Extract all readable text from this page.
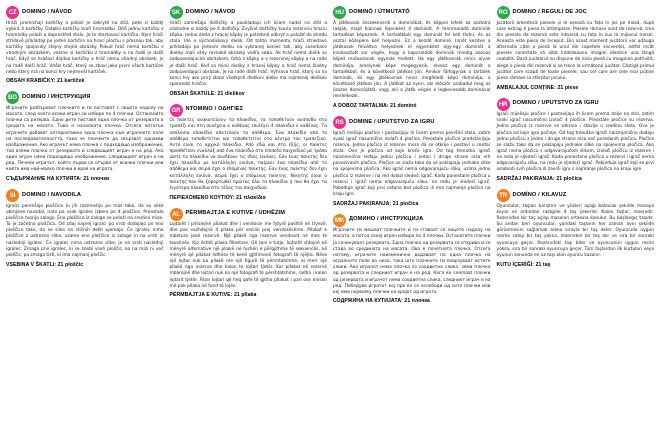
CZ DOMINO / NÁVOD
Hráči promíchají kartičky a pokolí je zakryté na stůl, pote si každý vybírá 4 kartičky. Ostatní kartičky tvoří hromádku. Dítě jednu kartičku z hromádky položí a doprostřed stolu. Je to startovací kartička. Nyní hráči střídavě přikládají po jedné kartičce na hrací plochu s přesnou tak, aby kartičky spojovaly stejný stejné obrázky. Pokud hráč nemá kartičku s vhodným obrázkem, vezme si kartičku z hromádky a na řadě je další hráč. Když se hráčovi dojdou kartičky a hráč nemu vhodný obrázek, je na řadě další hráč. Vítězí hráč, který se zbaví jako první všech kartiček nebo který má na konci hry nejmenší kartiček.
OBSAH KRABIČKY: 21 kartiček
BG DOMINO / ИНСТРУКЦИЯ
Играчите разбъркват плочките и ги поставят с лицето надолу на масата, след което всеки играч си избира по 4 плочки. Останалите плочки са резерва. Едно дете поставя една плочка от резервата в средата на масата. Това е началната плочка. Отсега нататък играчите добавят алтернативно една плочка към игралното поле на последователността, така че плочките да свързват еднакви изображения. Ако играчът няма плочка с подходящо изображение, той взема плочка от резервата и следващият играч е на ред. Ако един играч няма подходящо изображение, следващият играч е на ред. Печели играчът, който първи се отърве от всички плочки или който има най-малко плочки в края на играта.
СЪДЪРЖАНИЕ НА КУТИЯТА: 21 плочки
SI	DOMINO / NAVODILA
Igralci pomešajo ploščice in jih razmestijo po mizi tako, da so slike obrnjene navzdol, nato pa vsak igralec izbere po 4 ploščice. Preostale ploščice tvorijo zalogo. Eno ploščico iz zaloge se položi na sredino mize. To je začetna ploščica. Od zdaj naprej igralci po vrsti dodajajo po eno ploščico tako, da se slike na stičnih delih ujemajo. Če igralec nima ploščice z ustrezno sliko, vzame eno ploščico iz zaloge in na vrsti je naslednji igralec. Če igralec nima ustrezne slike, je na vrsti naslednji igralec. Zmaga prvi igralec, ki se znebi vseh ploščic, ko na mizi ni več ploščic, pa zmaga tisti, ki ima najmanj ploščic.
VSEBINA V ŠKATLI: 21 ploščic
SK DOMINO / NÁVOD
Hráči zamiešajú doštičky a poukladajú ich lícom nadol na stôl a následne si každý po 4 doštičky. Zvyšné doštičky tvoria rezervnú hraciu kôpku. Jedno dieťa z hracej kôpky je potrebné odkryť a položiť do stredu stola. Ide o východiskový dielik. Od tohto momentu hráči striedavo prikladajú po jednom dielku na vybranej koniec tak, aby susediace dieliky mali vždy rovnaké obrázky vedľa seba. Ak hráč nemá dielik so zodpovedajúcim obrázkom, ťahá z kôpky a v rezervnej kôpky a na rade je ďalší hráč. Keď sa minú dieliky z hracej kôpky a hráč nemá žiadny zodpovedajúci obrázok, je na rade ďalší hráč. Výhrava hráč, ktorý sa na konci hry ako prvý zbaví všetkých dielikov alebo má najmenej dielikov spomedzi hráčov.
OBSAH ŠKATULE: 21 dielikov
GR ΝΤΟΜΙΝΟ / ΟΔΗΓΙΕΣ
Οι παίκτες ανακατεύουν τα πλακίδια, τα τοποθετούν ανάποδα στο τραπέζι και στη συνέχεια ο καθένας επιλέγει 4 πλακίδια ο καθένας. Τα υπόλοιπα πλακίδια αποτελούν τα απόθεμα. Ένα πλακίδιο από το απόθεμα τοποθετείται και τοποθετείται στο κέντρο του τραπεζιού. Αυτό είναι το αρχικό πλακίδιο. Από εδώ και στο εξής, οι παίκτες προσθέτουν εναλλάξ από ένα πλακίδιο στο επίπεδο παιχνιδιού με τρόπο ώστε τα πλακίδια να συνδέουν τις ίδιες εικόνες. Εάν ένας παίκτης δεν έχει πλακίδιο με κατάλληλη εικόνα, παίρνει ένα πλακίδιο από το απόθεμα και σειρά έχει ο επόμενος παίκτης. Εάν ένας παίκτης δεν έχει κατάλληλη εικόνα, σειρά έχει ο επόμενος παίκτης. Νικητής είναι ο παίκτης που θα ξεφορτωθεί πρώτος όλα τα πλακίδια ή που θα έχει τα λιγότερα πλακίδια στο τέλος του παιχνιδιού.
ΠΕΡΙΕΧΟΜΕΝΟ ΚΟΥΤΙΟΥ: 21 πλακίδια
AL PËRMBAJTJA E KUTIVE / UDHËZIM
Lojtarët i përziejnë pllakat dhe i vendosin me fytyrë poshtë në tryezë, dhe pas vazhdojnë 4 pllaka për secilin prej vendosëshme. Pllakat e mbetura janë rezervë. Një pllakë nga rezerva vendoset në mes të tavolinës. Kjo është pllaka fillestare. Që tani e tutje, lojtarët shtojnë në mënyrë alternative një pllakë në fushën e përgjithme të sekuencës, në mënyrë që pllakat lidhëse të kenë gjithmonë fotografi të njëjta. Nëse një lojtar nuk ka pllakë me një figurë të përshtatshme, ai merr një pllakë nga rezerva dhe kalon te lojtari tjetër. Kur pllakat në rezervë mbarojnë dhe lojtari nuk ka një fotografi të përshtatshme, radha i kalon lojtarit tjetër. Fiton lojtari që heq qafe të gjitha pllakat i pari ose milson më pak pllaka në fund të lojës.
PËRMBAJTJA E KUTIVE: 21 pllaka
HU DOMINÓ / ÚTMUTATÓ
A játékosok összekeverik a dominókat, és képpel lefelé az asztalra rakják, majd hiánnak fejenként 4 dominót. A fennmaradó dominók tartalékot képeznek. A tartalékból egy dominót fel kell fedni, és az asztal közepére kell helyezni. Ez a kezdő dominó. Innét kezdve a játékosok felváltva helyeznek el egyenként egy-egy dominót a kivalasztott sor végén, hogy a kapcsolódó dominók mindig azonos képet mutassanak egymás mellett. Ha egy játékosnak nincs olyan dominója, amelynek képe megegyezik, elvesz egy dominót a tartalékból, és a következő játékos jön. Amikor fölfogynak a tartalék dominók, és egy játékosnak nincs megfelelő képű dominója, a következő játékos jön. A játékot az nyeri, aki először szabadul meg az összes dominójától, vagy aki a játék végén a legkevesebb dominóval rendelkezik.
A DOBOZ TARTALMA: 21 dominó
RS DOMINE / UPUTSTVO ZA IGRU
Igrači mešaju pločice i postavljaju ih licem prema površini stola, zatim svaki igrač nasumično izvlači 4 pločice. Preostale pločice predstavljaju rezervu. Jedna pločica iz rezerve mora da se otkrije i postavi u centar stola. Ovo je pločica od koje kreće igra. Od tog trenutka igrači naizmenično ređaju jednu pločicu i jedan i druge strane niza vrh povezivanih pločica. Pločice se slažu tako da se poklapaju jednake slike na spojevima pločica. Ako igrač nema odgovarajuću sliku, uzima jednu pločicu iz rezerve i na red dolazi sledeći igrač. Kada ponestane pločica u rezervi i igrač nema odgovarajuću sliku, na redu je sledeći igrač. Pobeđuje igrač koji prvi ostane bez pločica ili ima najmanje pločica na kraju igre.
SADRŽAJ PAKIRANJA: 21 pločica
MK ДОМИНО / ИНСТРУКЦИЈА
Играчите ги мешаат плочките и ги ставаат со лицето надолу на масата, а потоа секој играч избира по 4 плочки. Останатите плочки ја сочинуваат резервата. Една плочка од резервата се открива и се става во средината на масата. Ова е почетната плочка. Отсега натаму, играчите наизменично додаваат по една плочка на игралното поле во низа, така што плочките ги поврзуваат истите слики. Ако играчот нема плочка со соодветна слика, зема плочка од резервата и следниот играч е на ред. Кога ќе snemaat плочки од резервата и играчот нема соодветна слика, следниот играч е на ред. Победува играчот кој прв ќе се ослободи од сите плочки или кој има најмалку плочки на крајот од играта.
СОДРЖИНА НА КУТИЈАТА: 21 плочка
RO DOMINO / REGULI DE JOC
Jucătorii amestecă piesele și le așează cu fața în jos pe masă, după care extrag 4 piese la întâmplare. Piesele rămase sunt de rezervă. Una din piesele de rezervă este întoarsă cu fața în sus la mijlocul mesei. Aceasta este piesa de început. Din acest moment jucătorii vor adăuga alternativ câte o piesă la unul din capetele secvenței, astfel încât piesele conectate să aibă întotdeauna imagini identice una lângă cealaltă. Dacă jucătorul nu dispune de nicio piesă cu imaginea potrivită, alege o piesă din rezervă și se trece la următorul jucător. Câștigă primul jucător care scapă de toate piesele, sau cel care are cele mai puține piese rămase la sfârșitul jocului.
AMBALAJUL CONȚINE: 21 piese
HR DOMINO / UPUTSTVO ZA IGRU
Igrači miješaju pločice i postavljaju ih licem prema dolje na stol, zatim svaki igrač nasumično izvlači 4 pločice. Preostale pločice su rezerva. Jedna pločica iz rezerve se otkriva i stavlja u sredinu stola. Ovo je pločica od koje igra počinje. Od tog trenutka igrači naizmjenično dodaju jednu pločicu s jedne i druge strane niza već poredanih pločica. Pločice se slažu tako da se poklapaju jednake slike na spojevima pločica. Ako igrač nema pločicu s odgovarajućom slikom, izvlači pločicu iz rezerve i na redu je sljedeći igrač. Kada ponestane pločica u rezervi i igrač nema odgovarajuću sliku, na redu je sljedeći igrač. Pobjeđuje igrač koji se prvi oslobodi svih pločica ili završi igru s najmanje pločica na kraju igre.
SADRŽAJ PAKIRANJA: 21 pločica
TR DOMİNO / KILAVUZ
Oyuncular, taşları karıştırır ve yüzleri aşağı bakacak şekilde masaya koyar ve ardından rastgele 4 taş çekerler. Kalan taşlar, rezervdir. Rezervden bir taş açılıp masanın ortasına konulur. Bu başlangıç taşıdır. Şu andan beri oyuncular, yandaki taşların her zaman aynı şekilde görünmesini sağlamak adına sırayla bir taş ekler. Oyuncuda uygun resme sahip bir taş yoksa, rezervden bir taş alır ve sıra bir sonraki oyuncuya geçer. Rezervdeki taşı biter ve oyuncunun uygun resmi yoksa, sıra bir sonraki oyuncuya geçer. Tüm taşlardan ilk kurtulan veya oyunun sonunda en az taşı olan oyuncu kazanır.
KUTU İÇERİĞİ: 21 taş
